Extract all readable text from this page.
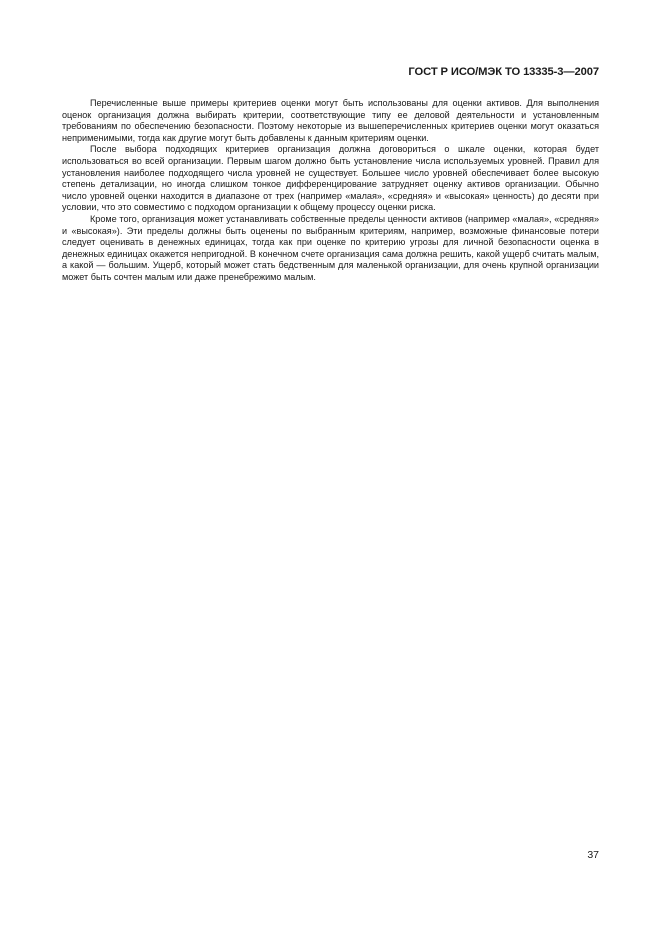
ГОСТ Р ИСО/МЭК ТО 13335-3—2007

Перечисленные выше примеры критериев оценки могут быть использованы для оценки активов. Для выполнения оценок организация должна выбирать критерии, соответствующие типу ее деловой деятельности и установленным требованиям по обеспечению безопасности. Поэтому некоторые из вышеперечисленных критериев оценки могут оказаться неприменимыми, тогда как другие могут быть добавлены к данным критериям оценки.

После выбора подходящих критериев организация должна договориться о шкале оценки, которая будет использоваться во всей организации. Первым шагом должно быть установление числа используемых уровней. Правил для установления наиболее подходящего числа уровней не существует. Большее число уровней обеспечивает более высокую степень детализации, но иногда слишком тонкое дифференцирование затрудняет оценку активов организации. Обычно число уровней оценки находится в диапазоне от трех (например «малая», «средняя» и «высокая» ценность) до десяти при условии, что это совместимо с подходом организации к общему процессу оценки риска.

Кроме того, организация может устанавливать собственные пределы ценности активов (например «малая», «средняя» и «высокая»). Эти пределы должны быть оценены по выбранным критериям, например, возможные финансовые потери следует оценивать в денежных единицах, тогда как при оценке по критерию угрозы для личной безопасности оценка в денежных единицах окажется непригодной. В конечном счете организация сама должна решить, какой ущерб считать малым, а какой — большим. Ущерб, который может стать бедственным для маленькой организации, для очень крупной организации может быть сочтен малым или даже пренебрежимо малым.

37
